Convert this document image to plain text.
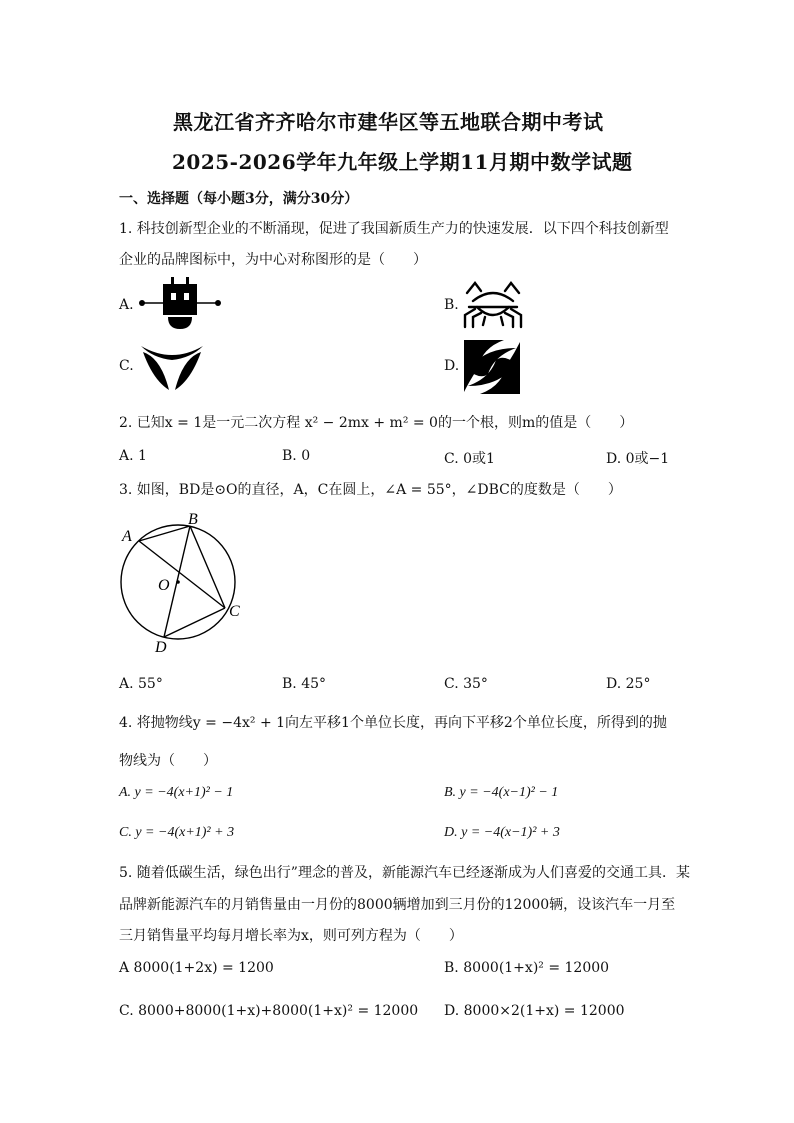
黑龙江省齐齐哈尔市建华区等五地联合期中考试
2025-2026学年九年级上学期11月期中数学试题
一、选择题（每小题3分，满分30分）
1. 科技创新型企业的不断涌现，促进了我国新质生产力的快速发展．以下四个科技创新型
企业的品牌图标中，为中心对称图形的是（　　）
A.	B.
C.	D.
2. 已知x = 1是一元二次方程 x² − 2mx + m² = 0的一个根，则m的值是（　　）
A. 1	B. 0	C. 0或1	D. 0或−1
3. 如图，BD是⊙O的直径，A，C在圆上，∠A = 55°，∠DBC的度数是（　　）
A
B
O
C
D
A. 55°	B. 45°	C. 35°	D. 25°
4. 将抛物线y = −4x² + 1向左平移1个单位长度，再向下平移2个单位长度，所得到的抛
物线为（　　）
A. y = −4(x+1)² − 1	B. y = −4(x−1)² − 1
C. y = −4(x+1)² + 3	D. y = −4(x−1)² + 3
5. 随着低碳生活，绿色出行”理念的普及，新能源汽车已经逐渐成为人们喜爱的交通工具．某
品牌新能源汽车的月销售量由一月份的8000辆增加到三月份的12000辆，设该汽车一月至
三月销售量平均每月增长率为x，则可列方程为（　　）
A 8000(1+2x) = 1200	B. 8000(1+x)² = 12000
C. 8000+8000(1+x)+8000(1+x)² = 12000 D. 8000×2(1+x) = 12000
